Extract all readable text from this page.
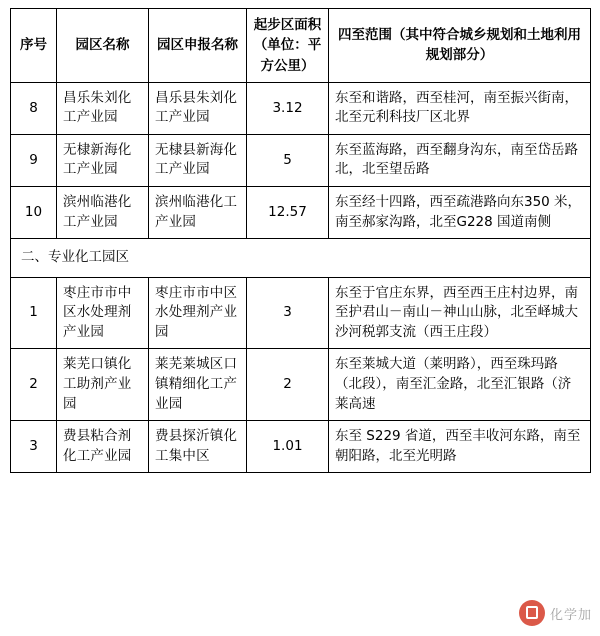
序号	园区名称	园区申报名称	起步区面积（单位：平方公里）	四至范围（其中符合城乡规划和土地利用规划部分）
8	昌乐朱刘化工产业园	昌乐县朱刘化工产业园	3.12	东至和谐路，西至桂河，南至振兴街南，北至元利科技厂区北界
9	无棣新海化工产业园	无棣县新海化工产业园	5	东至蓝海路，西至翻身沟东，南至岱岳路北，北至望岳路
10	滨州临港化工产业园	滨州临港化工产业园	12.57	东至经十四路，西至疏港路向东350 米，南至郝家沟路，北至G228 国道南侧
二、专业化工园区				
1	枣庄市市中区水处理剂产业园	枣庄市市中区水处理剂产业园	3	东至于官庄东界，西至西王庄村边界，南至护君山－南山－神山山脉，北至峄城大沙河税郭支流（西王庄段）
2	莱芜口镇化工助剂产业园	莱芜莱城区口镇精细化工产业园	2	东至莱城大道（莱明路），西至珠玛路（北段），南至汇金路，北至汇银路（济莱高速
3	费县粘合剂化工产业园	费县探沂镇化工集中区	1.01	东至 S229 省道，西至丰收河东路，南至朝阳路，北至光明路
化学加
